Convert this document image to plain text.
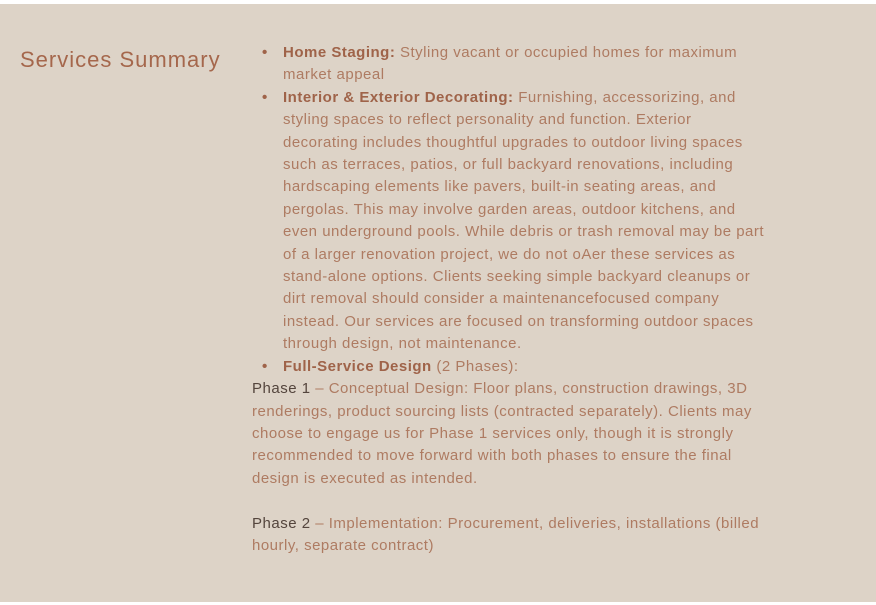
Services Summary	• Home Staging: Styling vacant or occupied homes for maximum market appeal
• Interior & Exterior Decorating: Furnishing, accessorizing, and styling spaces to reflect personality and function. Exterior decorating includes thoughtful upgrades to outdoor living spaces such as terraces, patios, or full backyard renovations, including hardscaping elements like pavers, built-in seating areas, and pergolas. This may involve garden areas, outdoor kitchens, and even underground pools. While debris or trash removal may be part of a larger renovation project, we do not oAer these services as stand-alone options. Clients seeking simple backyard cleanups or dirt removal should consider a maintenancefocused company instead. Our services are focused on transforming outdoor spaces through design, not maintenance.
• Full-Service Design (2 Phases):

Phase 1 – Conceptual Design: Floor plans, construction drawings, 3D renderings, product sourcing lists (contracted separately). Clients may choose to engage us for Phase 1 services only, though it is strongly recommended to move forward with both phases to ensure the final design is executed as intended.

Phase 2 – Implementation: Procurement, deliveries, installations (billed hourly, separate contract)
